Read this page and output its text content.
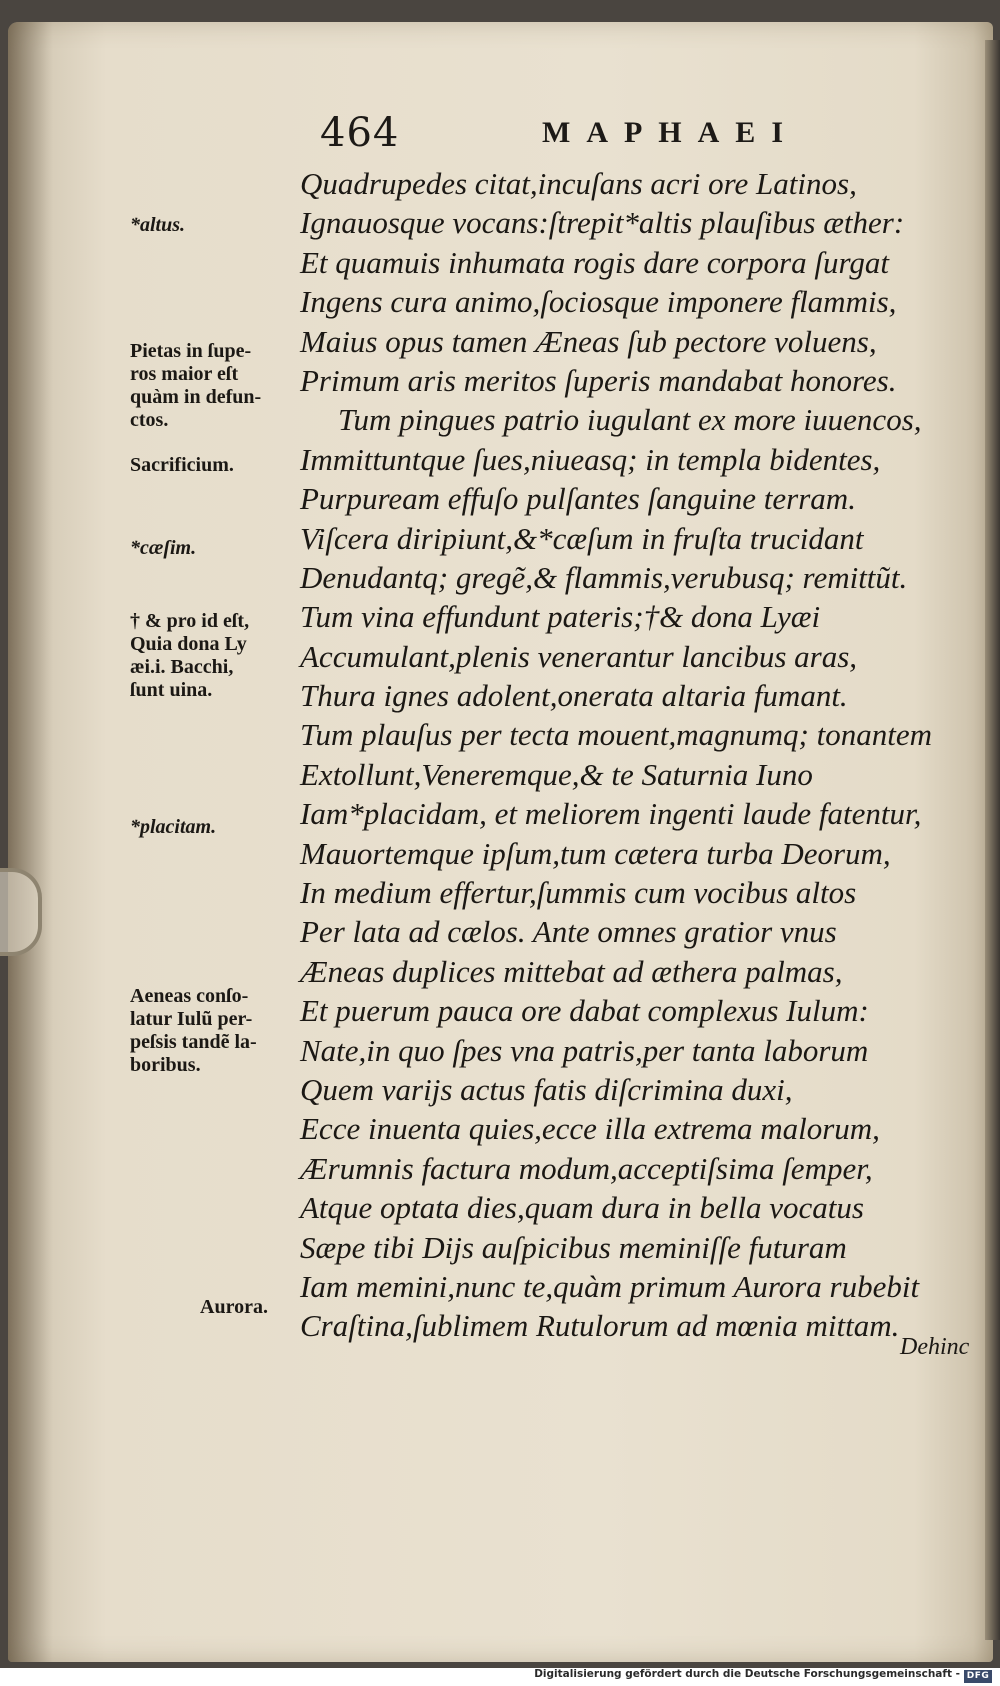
464	MAPHAEI
Quadrupedes citat,incuſans acri ore Latinos,
Ignauosque vocans:ſtrepit*altis plauſibus æther:
Et quamuis inhumata rogis dare corpora ſurgat
Ingens cura animo,ſociosque imponere flammis,
Maius opus tamen Æneas ſub pectore voluens,
Primum aris meritos ſuperis mandabat honores.
Tum pingues patrio iugulant ex more iuuencos,
Immittuntque ſues,niueasq; in templa bidentes,
Purpuream effuſo pulſantes ſanguine terram.
Viſcera diripiunt,&*cæſum in fruſta trucidant
Denudantq; gregẽ,& flammis,verubusq; remittũt.
Tum vina effundunt pateris;†& dona Lyæi
Accumulant,plenis venerantur lancibus aras,
Thura ignes adolent,onerata altaria fumant.
Tum plauſus per tecta mouent,magnumq; tonantem
Extollunt,Veneremque,& te Saturnia Iuno
Iam*placidam, et meliorem ingenti laude fatentur,
Mauortemque ipſum,tum cætera turba Deorum,
In medium effertur,ſummis cum vocibus altos
Per lata ad cælos. Ante omnes gratior vnus
Æneas duplices mittebat ad æthera palmas,
Et puerum pauca ore dabat complexus Iulum:
Nate,in quo ſpes vna patris,per tanta laborum
Quem varijs actus fatis diſcrimina duxi,
Ecce inuenta quies,ecce illa extrema malorum,
Ærumnis factura modum,acceptiſsima ſemper,
Atque optata dies,quam dura in bella vocatus
Sæpe tibi Dijs auſpicibus meminiſſe futuram
Iam memini,nunc te,quàm primum Aurora rubebit
Craſtina,ſublimem Rutulorum ad mœnia mittam.
*altus.
Pietas in ſupe-
ros maior eſt
quàm in defun-
ctos.
Sacrificium.
*cæſim.
† & pro id eſt,
Quia dona Ly
æi.i. Bacchi,
ſunt uina.
*placitam.
Aeneas conſo-
latur Iulũ per-
peſsis tandẽ la-
boribus.
Aurora.
Dehinc
Digitalisierung gefördert durch die Deutsche Forschungsgemeinschaft - DFG
